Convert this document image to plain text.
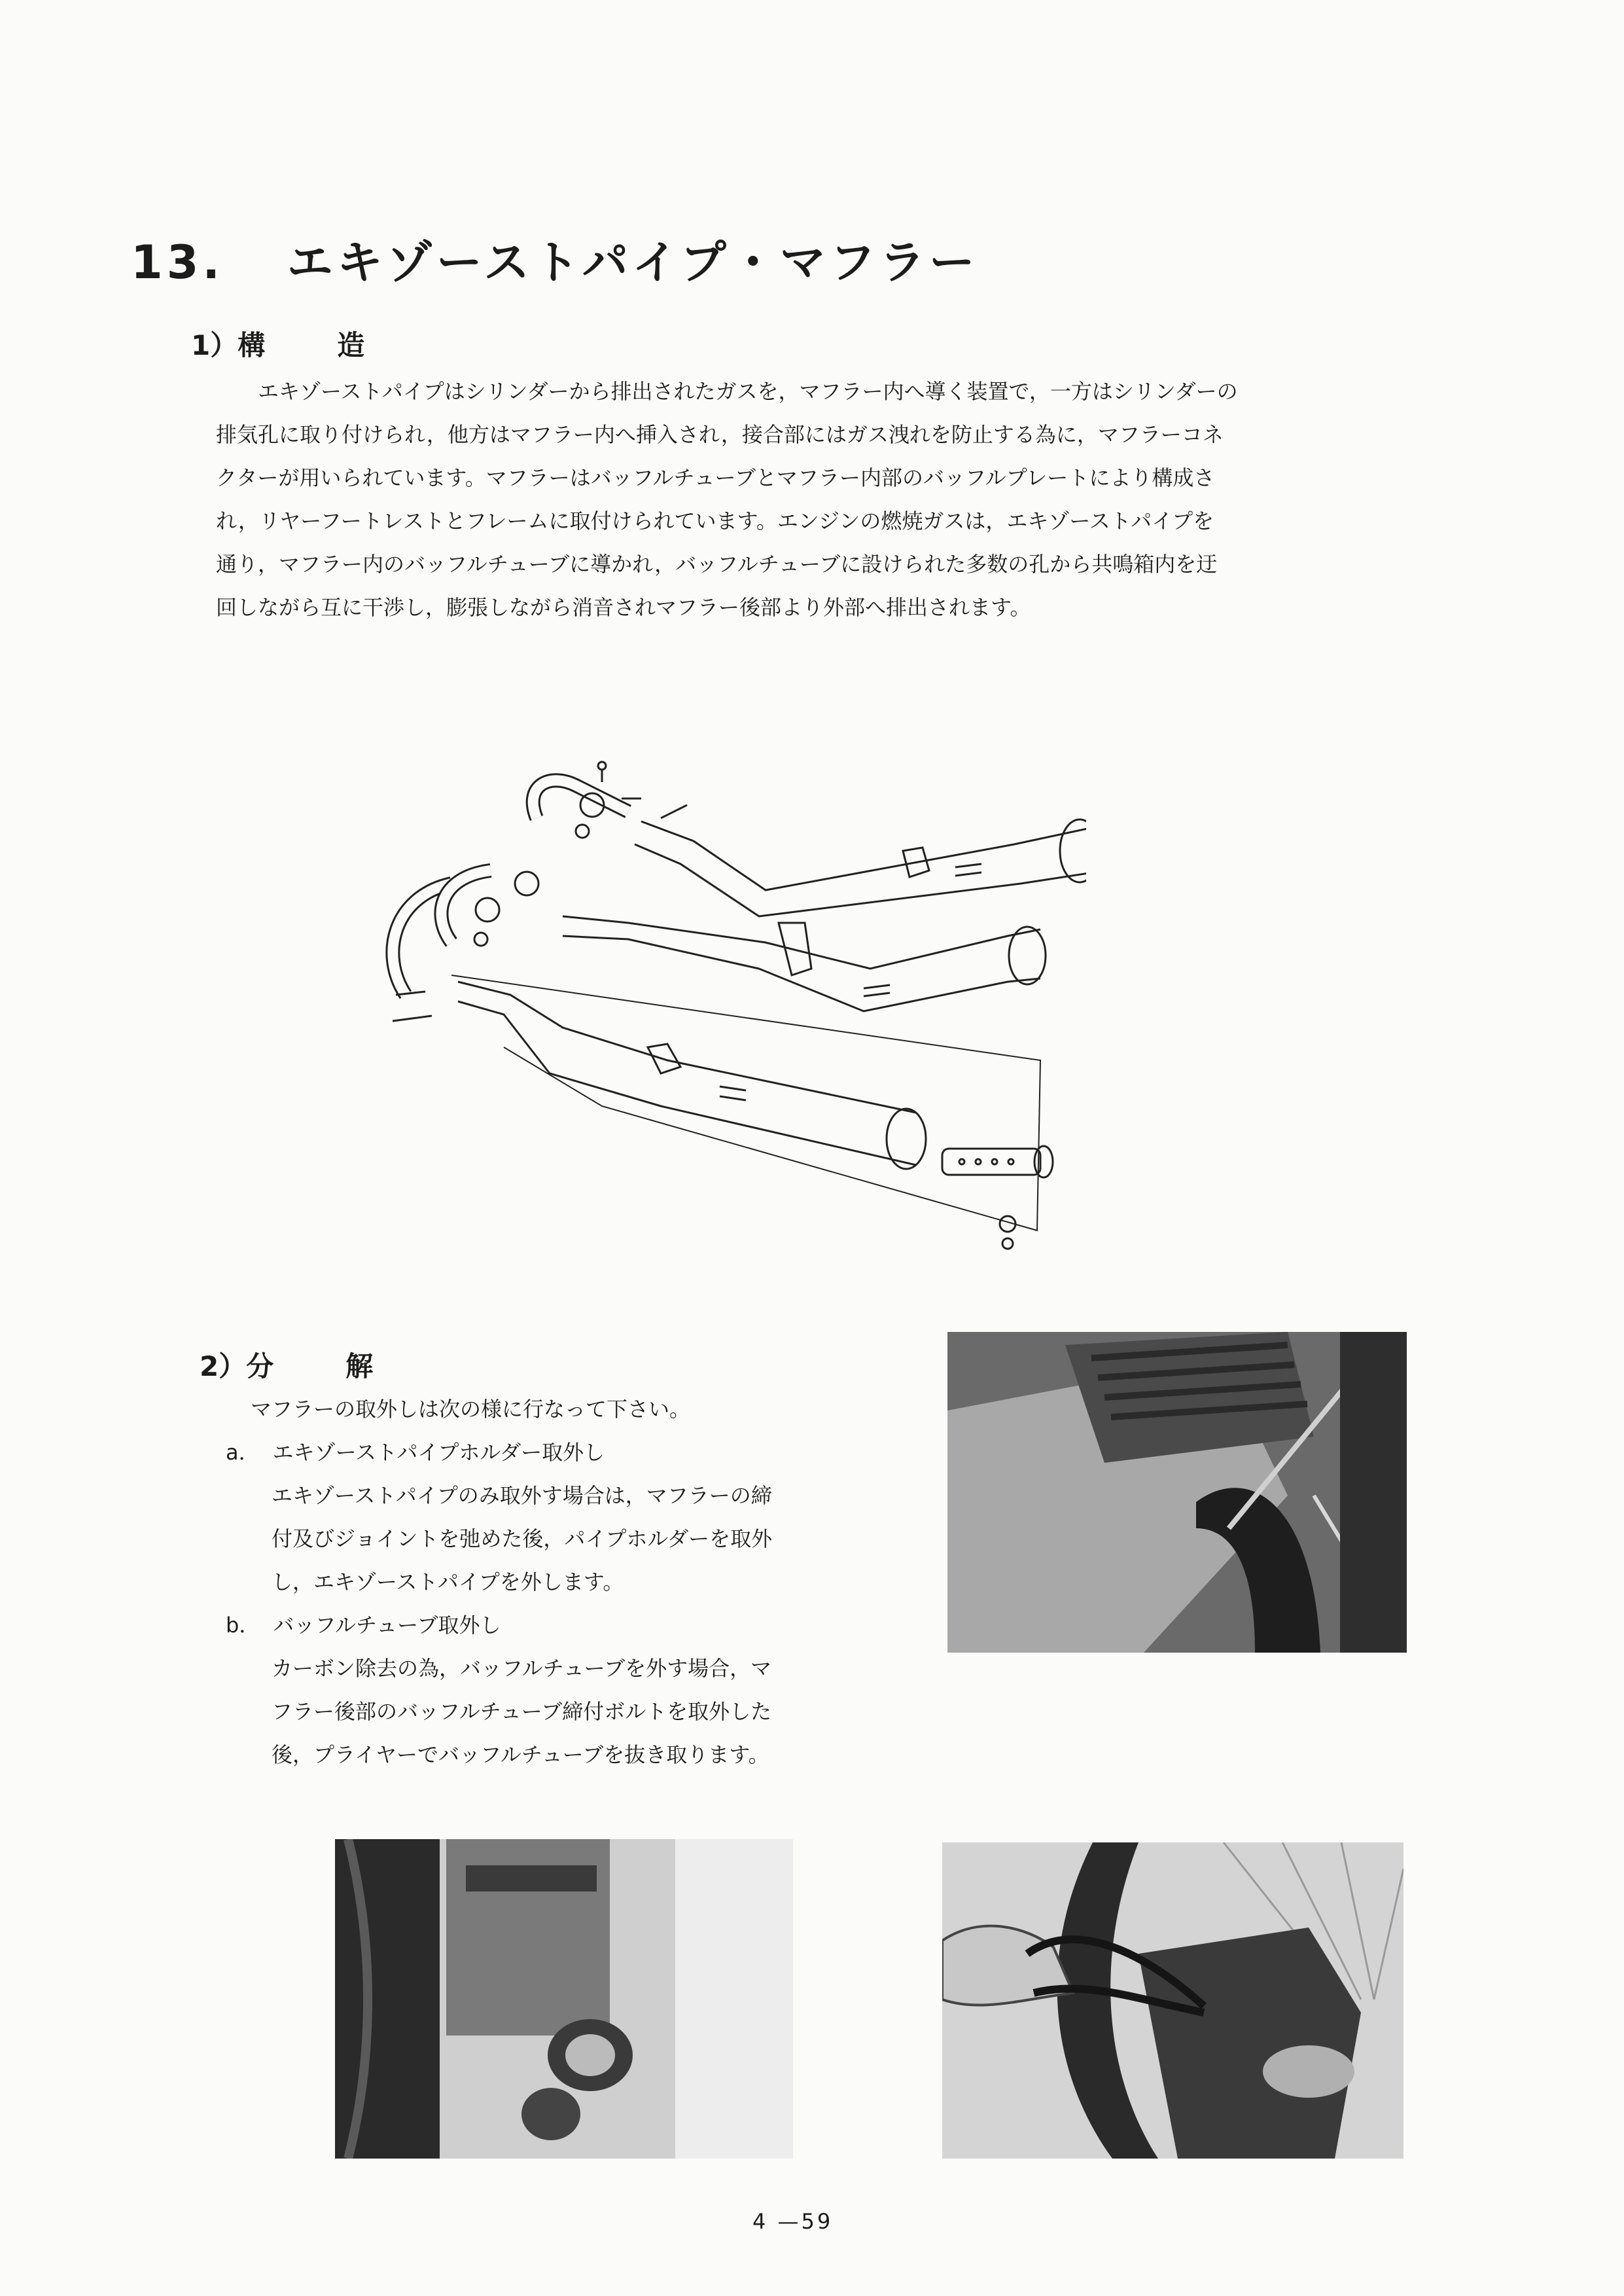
13. エキゾーストパイプ・マフラー
1）構	造
エキゾーストパイプはシリンダーから排出されたガスを，マフラー内へ導く装置で，一方はシリンダーの
排気孔に取り付けられ，他方はマフラー内へ挿入され，接合部にはガス洩れを防止する為に，マフラーコネ
クターが用いられています。マフラーはバッフルチューブとマフラー内部のバッフルプレートにより構成さ
れ，リヤーフートレストとフレームに取付けられています。エンジンの燃焼ガスは，エキゾーストパイプを
通り，マフラー内のバッフルチューブに導かれ，バッフルチューブに設けられた多数の孔から共鳴箱内を迂
回しながら互に干渉し，膨張しながら消音されマフラー後部より外部へ排出されます。
2）分	解
マフラーの取外しは次の様に行なって下さい。
a． エキゾーストパイプホルダー取外し
エキゾーストパイプのみ取外す場合は，マフラーの締
付及びジョイントを弛めた後，パイプホルダーを取外
し，エキゾーストパイプを外します。
b． バッフルチューブ取外し
カーボン除去の為，バッフルチューブを外す場合，マ
フラー後部のバッフルチューブ締付ボルトを取外した
後，プライヤーでバッフルチューブを抜き取ります。
4 —59
